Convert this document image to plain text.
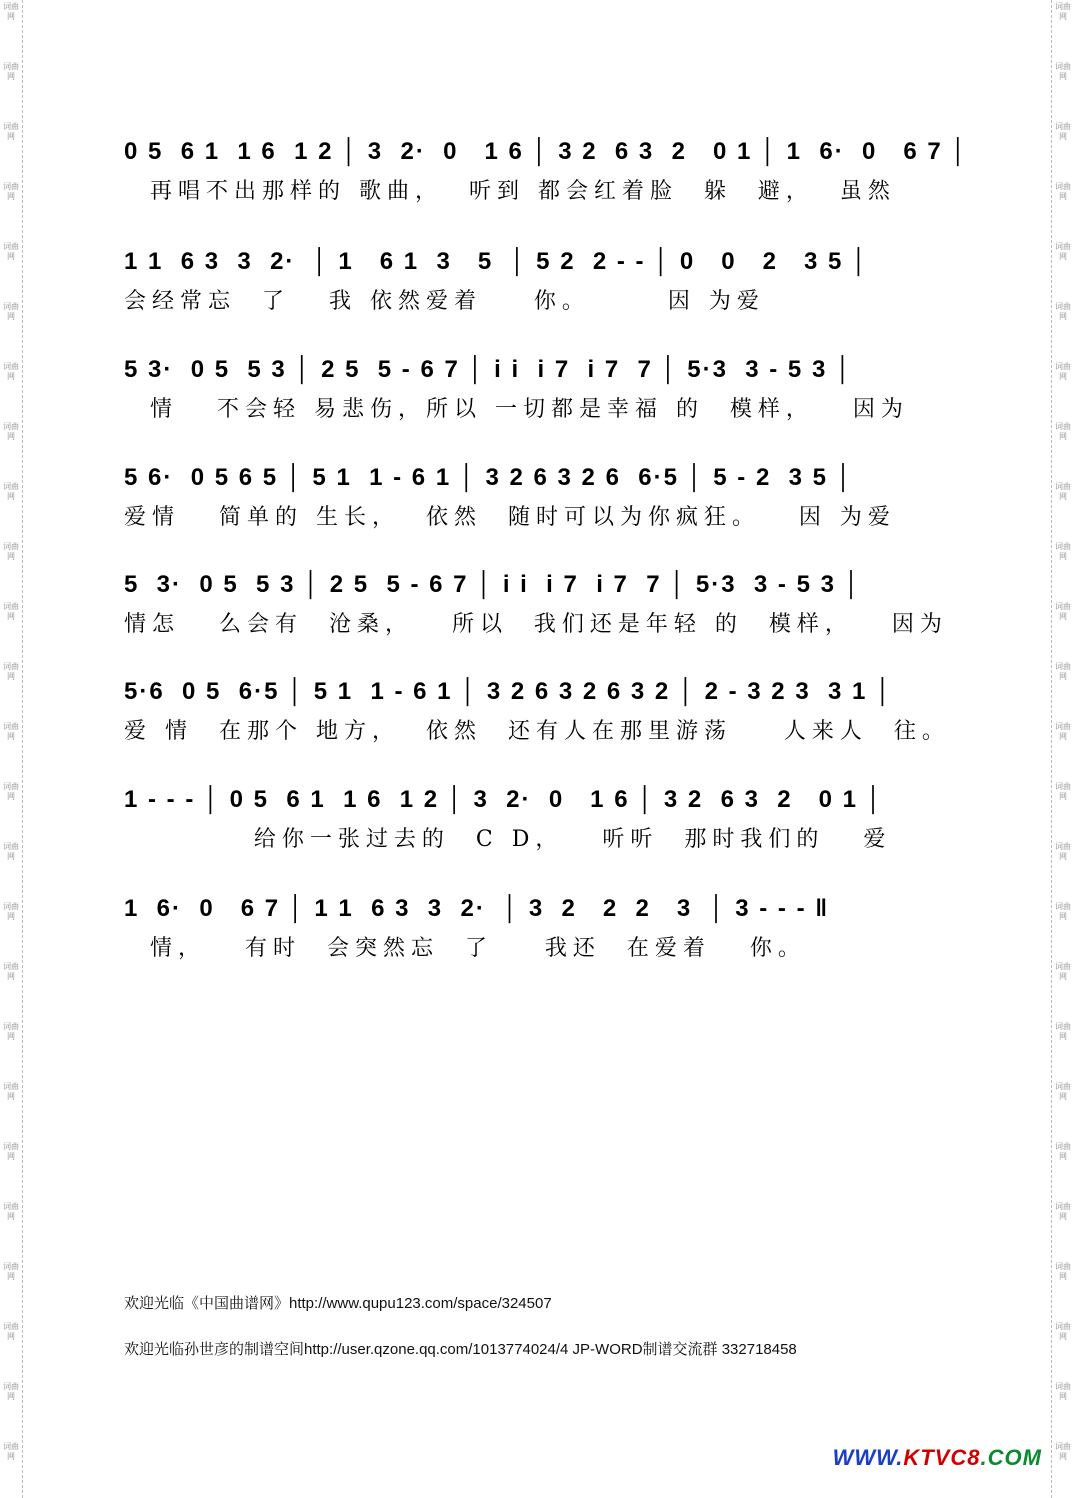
词曲网
词曲网
词曲网
词曲网
词曲网
词曲网
词曲网
词曲网
词曲网
词曲网
词曲网
词曲网
词曲网
词曲网
词曲网
词曲网
词曲网
词曲网
词曲网
词曲网
词曲网
词曲网
词曲网
词曲网
词曲网
词曲网
词曲网
词曲网
词曲网
词曲网
词曲网
词曲网
词曲网
词曲网
词曲网
词曲网
词曲网
词曲网
词曲网
词曲网
词曲网
词曲网
词曲网
词曲网
词曲网
词曲网
词曲网
词曲网
词曲网
词曲网
0 5  6 1  1 6  1 2 │ 3  2·  0   1 6 │ 3 2  6 3  2   0 1 │ 1  6·  0   6 7 │
再唱不出那样的 歌曲，  听到 都会红着脸  躲  避，  虽然
1 1  6 3  3  2·  │ 1   6 1  3   5  │ 5 2  2 - - │ 0   0   2   3 5 │
会经常忘  了   我 依然爱着    你。      因 为爱
5 3·  0 5  5 3 │ 2 5  5 - 6 7 │ i i  i 7  i 7  7 │ 5·3  3 - 5 3 │
情   不会轻 易悲伤，所以 一切都是幸福 的  模样，   因为
5 6·  0 5 6 5 │ 5 1  1 - 6 1 │ 3 2 6 3 2 6  6·5 │ 5 - 2  3 5 │
爱情   简单的 生长，  依然  随时可以为你疯狂。   因 为爱
5  3·  0 5  5 3 │ 2 5  5 - 6 7 │ i i  i 7  i 7  7 │ 5·3  3 - 5 3 │
情怎   么会有  沧桑，   所以  我们还是年轻 的  模样，   因为
5·6  0 5  6·5 │ 5 1  1 - 6 1 │ 3 2 6 3 2 6 3 2 │ 2 - 3 2 3  3 1 │
爱 情  在那个 地方，  依然  还有人在那里游荡    人来人  往。
1 - - - │ 0 5  6 1  1 6  1 2 │ 3  2·  0   1 6 │ 3 2  6 3  2   0 1 │
给你一张过去的  C D，   听听  那时我们的   爱
1  6·  0   6 7 │ 1 1  6 3  3  2·  │ 3  2   2  2   3  │ 3 - - - ‖
情，   有时  会突然忘  了    我还  在爱着   你。
欢迎光临《中国曲谱网》http://www.qupu123.com/space/324507
欢迎光临孙世彦的制谱空间http://user.qzone.qq.com/1013774024/4 JP-WORD制谱交流群 332718458
WWW.KTVC8.COM
